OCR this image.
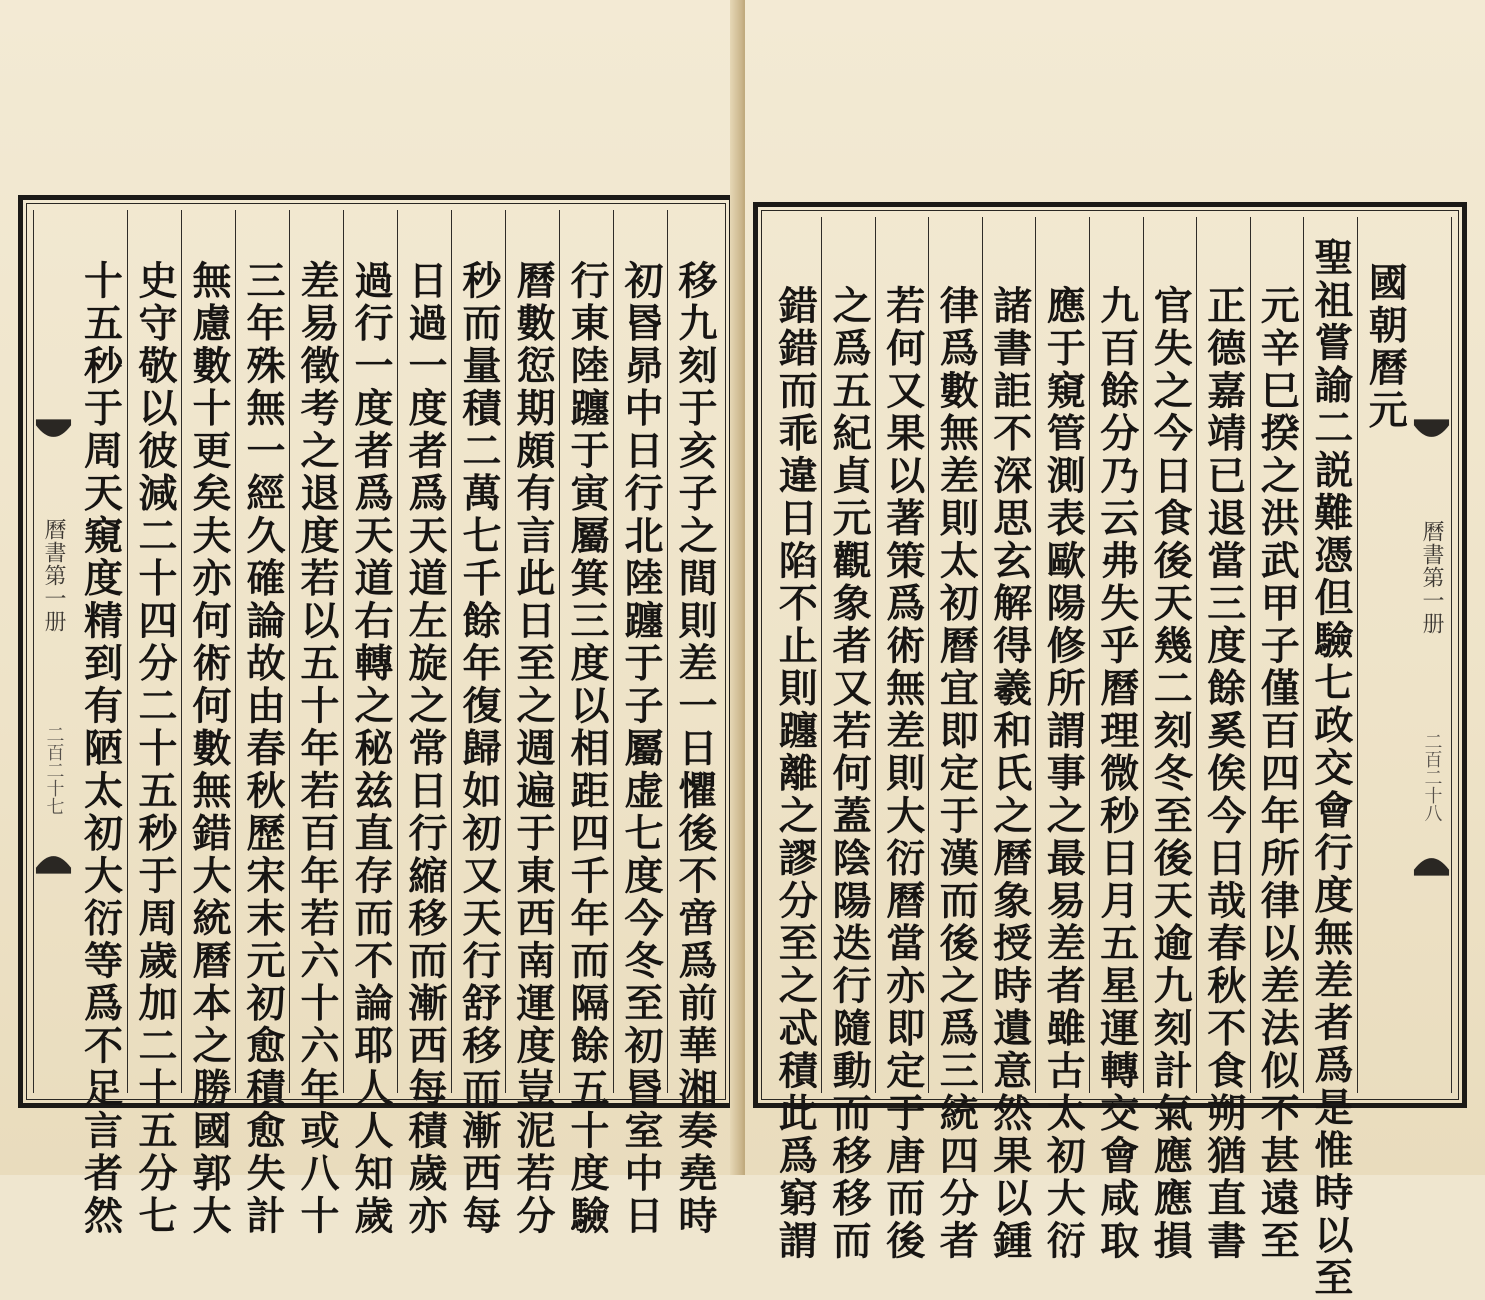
曆書第一册
二百二十七	移九刻于亥子之間則差一日懼後不啻爲前華湘奏堯時
初昬昴中日行北陸躔于子屬虚七度今冬至初昬室中日
行東陸躔于寅屬箕三度以相距四千年而隔餘五十度驗
曆數愆期頗有言此日至之週遍于東西南運度豈泥若分
秒而量積二萬七千餘年復歸如初又天行舒移而漸西每
日過一度者爲天道左旋之常日行縮移而漸西每積歲亦
過行一度者爲天道右轉之秘兹直存而不論耶人人知歲
差易徵考之退度若以五十年若百年若六十六年或八十
三年殊無一經久確論故由春秋歷宋末元初愈積愈失計
無慮數十更矣夫亦何術何數無錯大統曆本之勝國郭大
史守敬以彼減二十四分二十五秒于周歲加二十五分七
十五秒于周天窺度精到有陋太初大衍等爲不足言者然	曆書第一册
二百二十八
國朝曆元
聖祖嘗諭二説難憑但驗七政交會行度無差者爲是惟時以至
元辛巳揆之洪武甲子僅百四年所律以差法似不甚遠至
正德嘉靖已退當三度餘奚俟今日哉春秋不食朔猶直書
官失之今日食後天幾二刻冬至後天逾九刻計氣應應損
九百餘分乃云弗失乎曆理微秒日月五星運轉交會咸取
應于窺管測表歐陽修所謂事之最易差者雖古太初大衍
諸書詎不深思玄解得羲和氏之曆象授時遺意然果以鍾
律爲數無差則太初曆宜即定于漢而後之爲三統四分者
若何又果以著策爲術無差則大衍曆當亦即定于唐而後
之爲五紀貞元觀象者又若何蓋陰陽迭行隨動而移移而
錯錯而乖違日陷不止則躔離之謬分至之忒積此爲窮謂
